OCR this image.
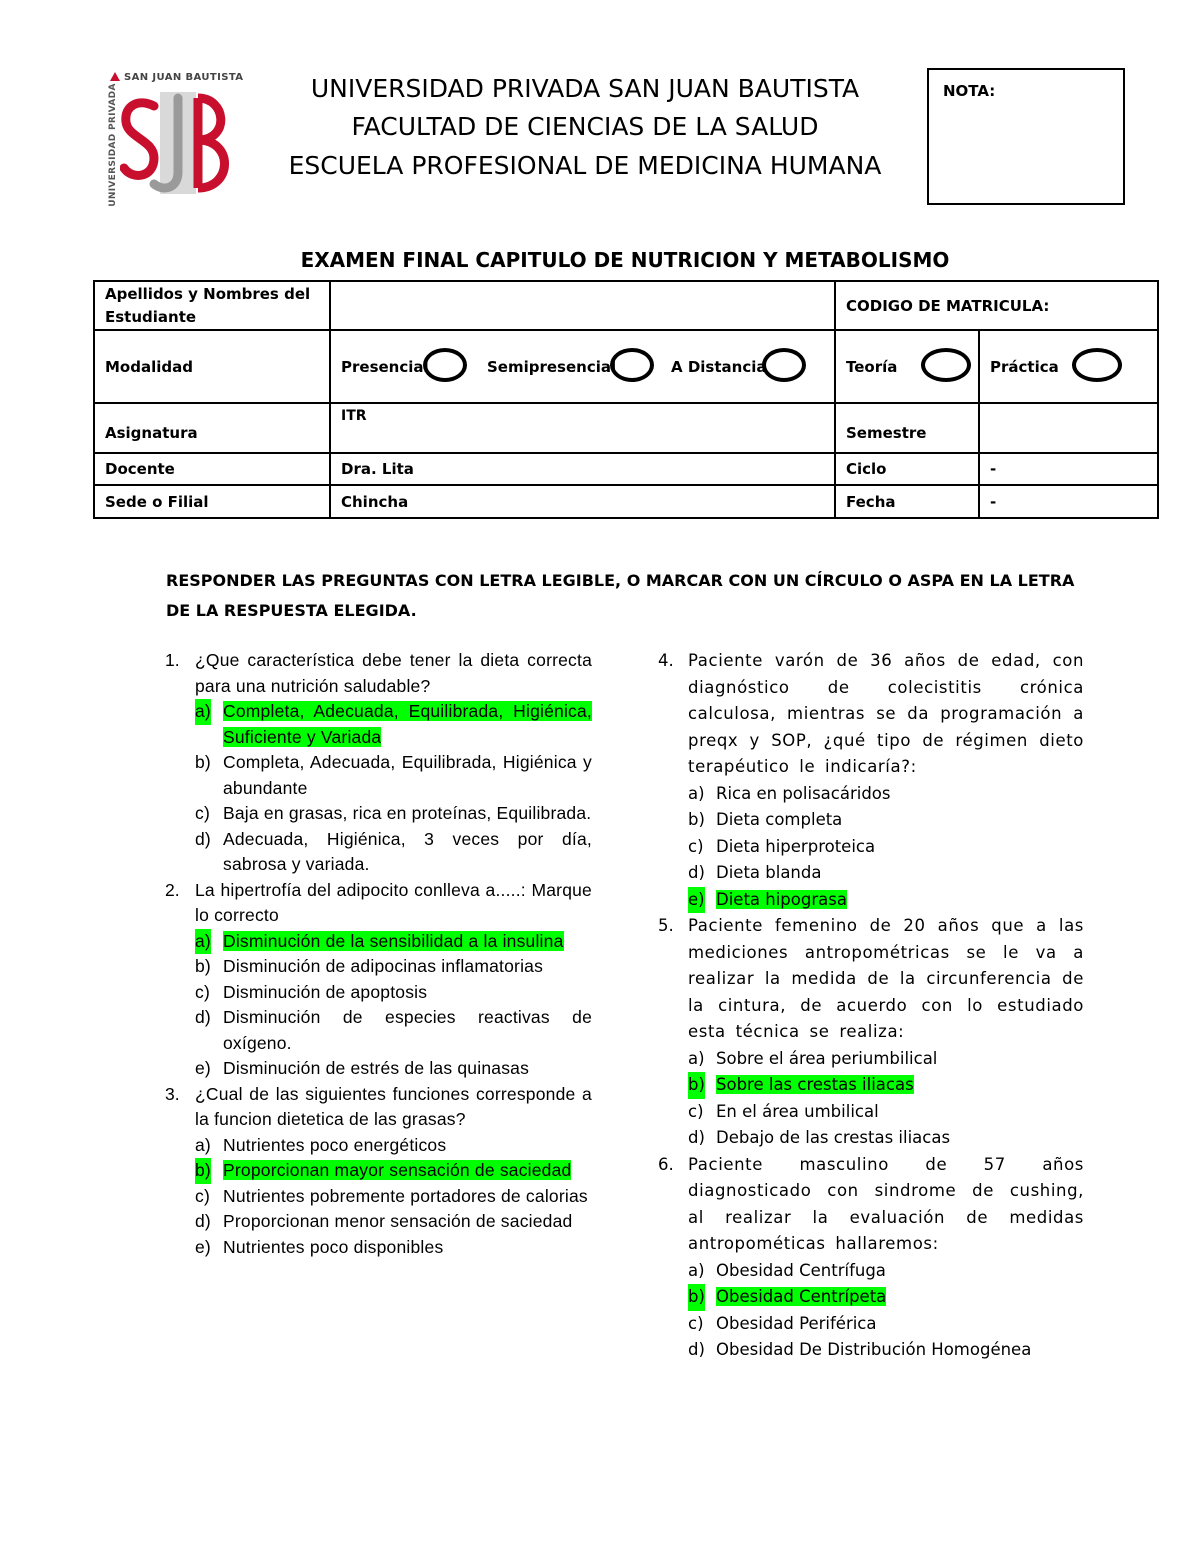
SAN JUAN BAUTISTA
UNIVERSIDAD PRIVADA	UNIVERSIDAD PRIVADA SAN JUAN BAUTISTA
FACULTAD DE CIENCIAS DE LA SALUD
ESCUELA PROFESIONAL DE MEDICINA HUMANA
NOTA:
EXAMEN FINAL CAPITULO DE NUTRICION Y METABOLISMO
Apellidos y Nombres del Estudiante		CODIGO DE MATRICULA:	
Modalidad	Presencial Semipresencial A Distancia	Teoría	Práctica

Asignatura	ITR	Semestre	
Docente	Dra. Lita	Ciclo	-
Sede o Filial	Chincha	Fecha	-
RESPONDER LAS PREGUNTAS CON LETRA LEGIBLE, O MARCAR CON UN CÍRCULO O ASPA EN LA LETRA DE LA RESPUESTA ELEGIDA.
1. ¿Que característica debe tener la dieta correcta para una nutrición saludable?
a) Completa, Adecuada, Equilibrada, Higiénica, Suficiente y Variada
b) Completa, Adecuada, Equilibrada, Higiénica y abundante
c) Baja en grasas, rica en proteínas, Equilibrada.
d) Adecuada, Higiénica, 3 veces por día, sabrosa y variada.
2. La hipertrofía del adipocito conlleva a.....: Marque lo correcto
a) Disminución de la sensibilidad a la insulina
b) Disminución de adipocinas inflamatorias
c) Disminución de apoptosis
d) Disminución de especies reactivas de oxígeno.
e) Disminución de estrés de las quinasas
3. ¿Cual de las siguientes funciones corresponde a la funcion dietetica de las grasas?
a) Nutrientes poco energéticos
b) Proporcionan mayor sensación de saciedad
c) Nutrientes pobremente portadores de calorias
d) Proporcionan menor sensación de saciedad
e) Nutrientes poco disponibles
4. Paciente varón de 36 años de edad, con diagnóstico de colecistitis crónica calculosa, mientras se da programación a preqx y SOP, ¿qué tipo de régimen dieto terapéutico le indicaría?:
a) Rica en polisacáridos
b) Dieta completa
c) Dieta hiperproteica
d) Dieta blanda
e) Dieta hipograsa
5. Paciente femenino de 20 años que a las mediciones antropométricas se le va a realizar la medida de la circunferencia de la cintura, de acuerdo con lo estudiado esta técnica se realiza:
a) Sobre el área periumbilical
b) Sobre las crestas iliacas
c) En el área umbilical
d) Debajo de las crestas iliacas
6. Paciente masculino de 57 años diagnosticado con sindrome de cushing, al realizar la evaluación de medidas antropométicas hallaremos:
a) Obesidad Centrífuga
b) Obesidad Centrípeta
c) Obesidad Periférica
d) Obesidad De Distribución Homogénea
